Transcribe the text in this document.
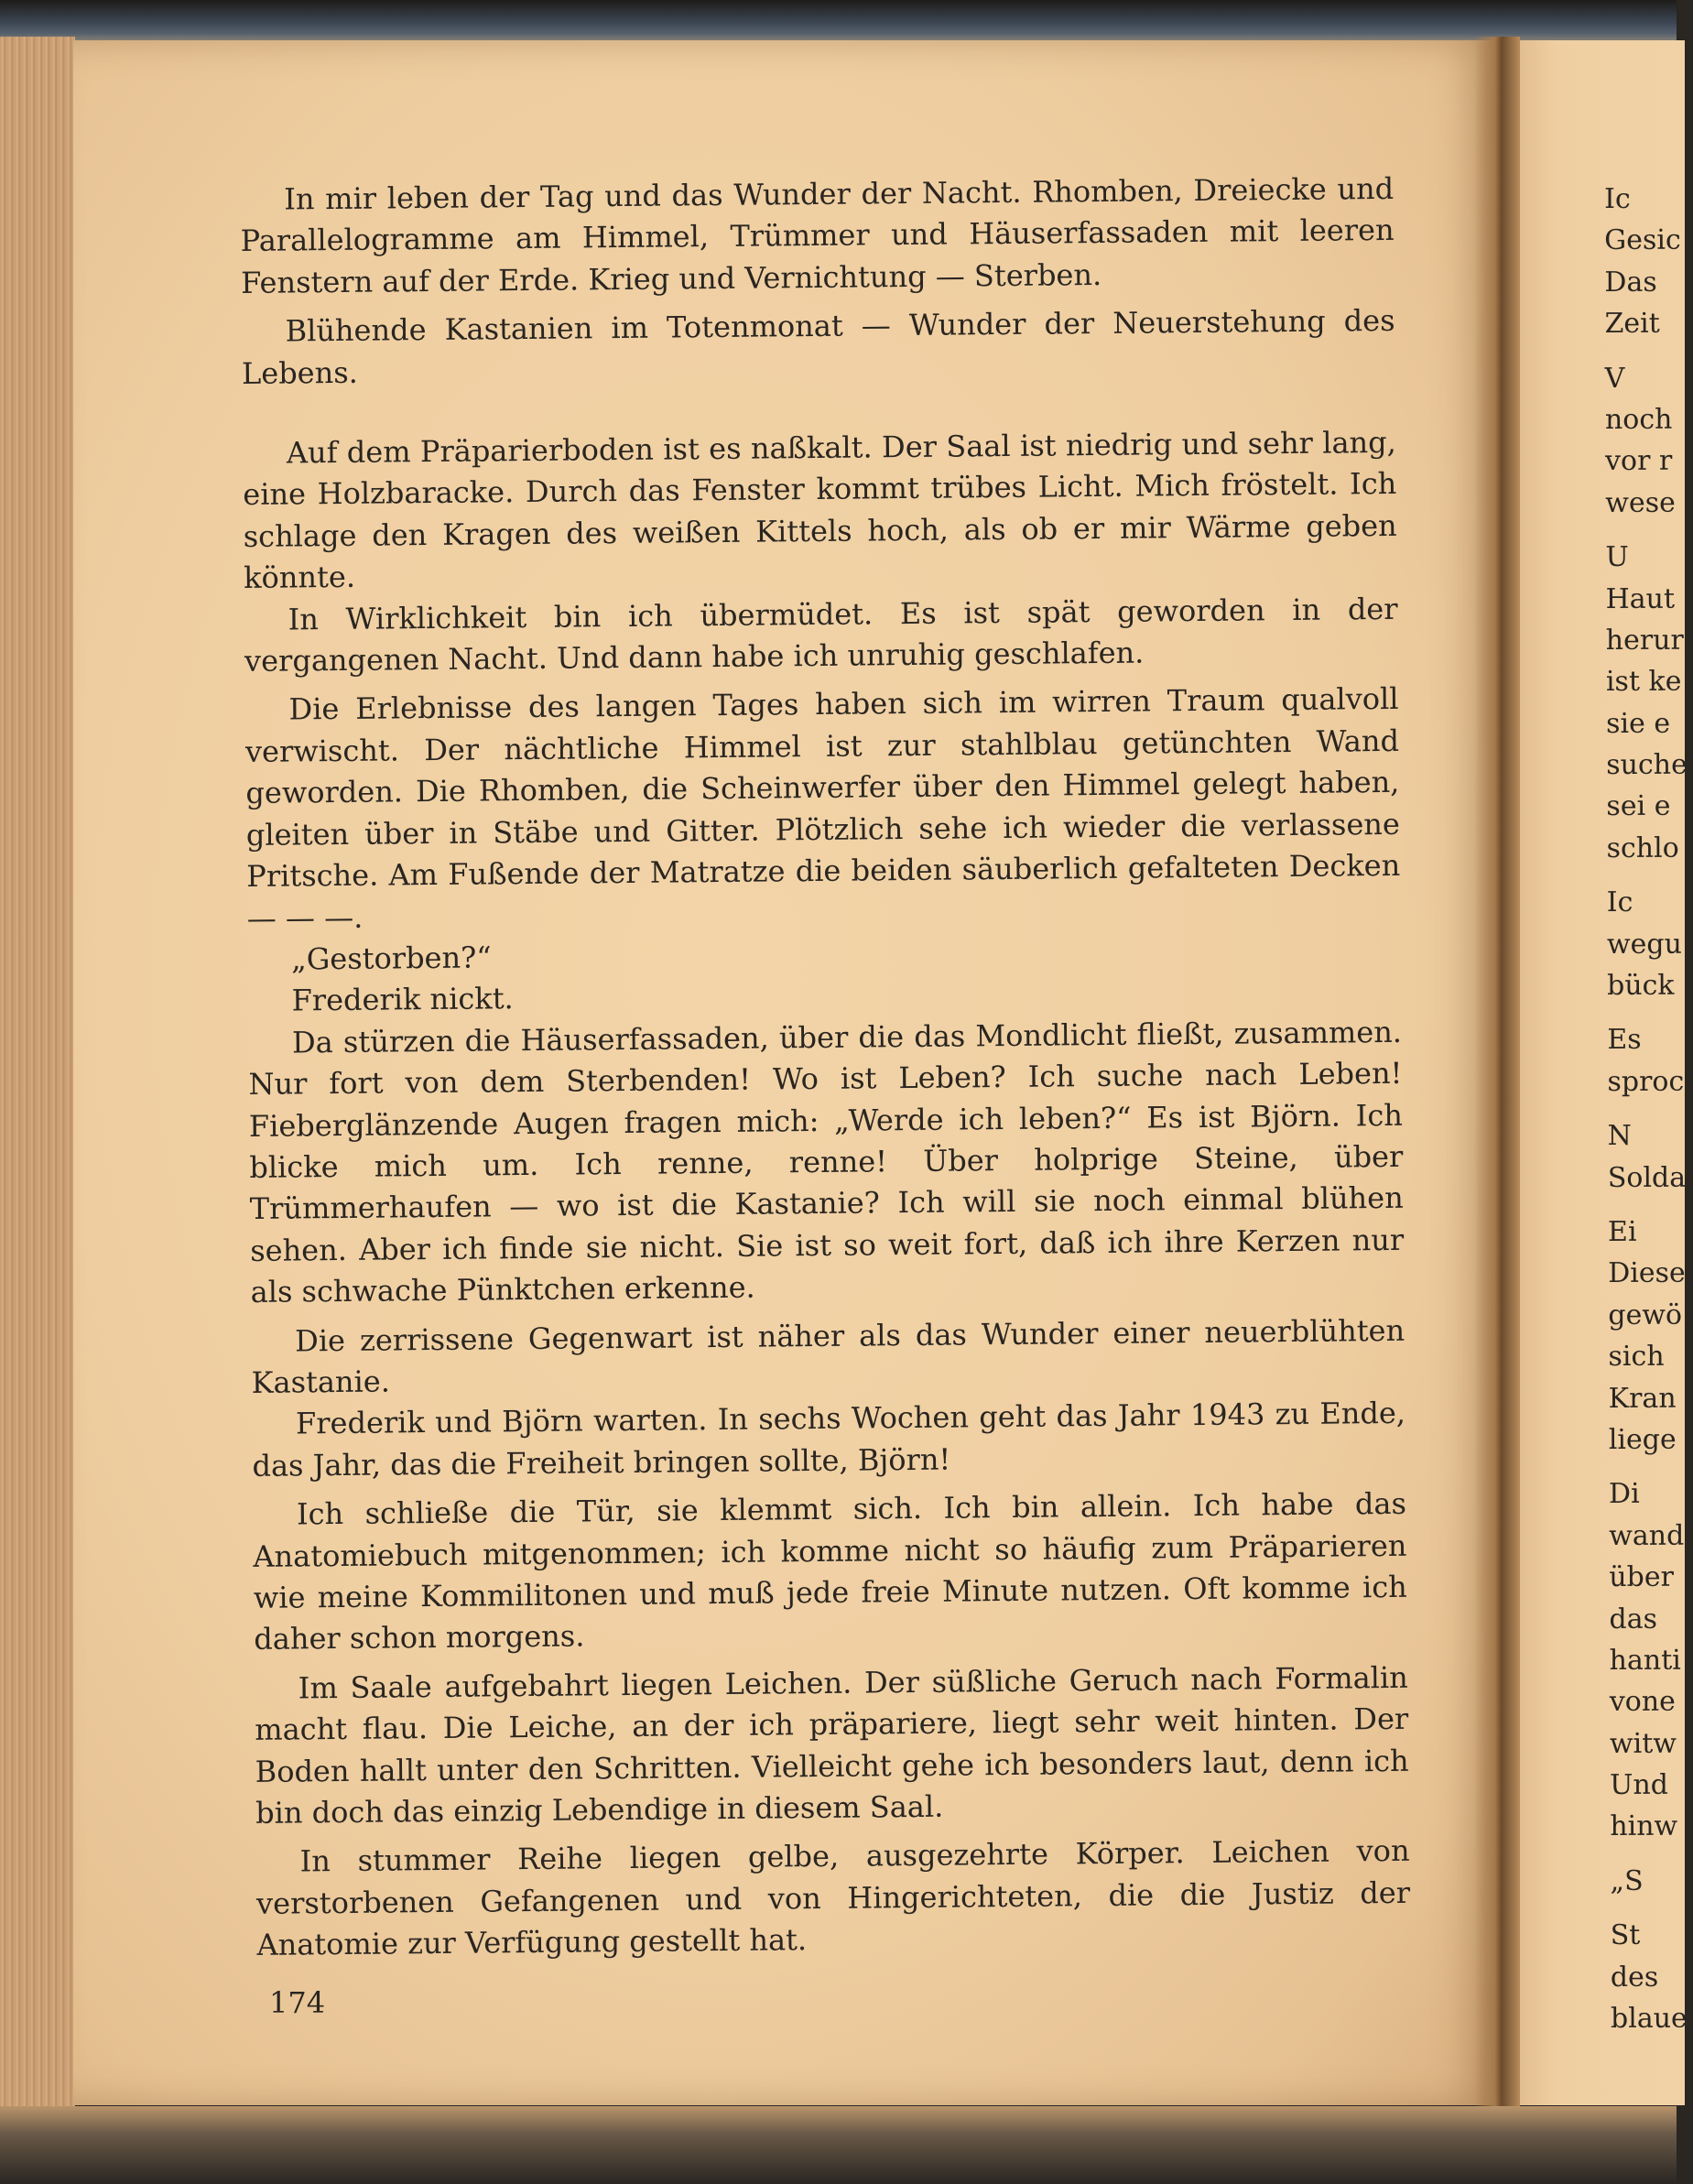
In mir leben der Tag und das Wunder der Nacht. Rhomben, Dreiecke und Parallelogramme am Himmel, Trümmer und Häuserfassaden mit leeren Fenstern auf der Erde. Krieg und Vernichtung — Sterben.

Blühende Kastanien im Totenmonat — Wunder der Neuerstehung des Lebens.

Auf dem Präparierboden ist es naßkalt. Der Saal ist niedrig und sehr lang, eine Holzbaracke. Durch das Fenster kommt trübes Licht. Mich fröstelt. Ich schlage den Kragen des weißen Kittels hoch, als ob er mir Wärme geben könnte.

In Wirklichkeit bin ich übermüdet. Es ist spät geworden in der vergangenen Nacht. Und dann habe ich unruhig geschlafen.

Die Erlebnisse des langen Tages haben sich im wirren Traum qualvoll verwischt. Der nächtliche Himmel ist zur stahlblau getünchten Wand geworden. Die Rhomben, die Scheinwerfer über den Himmel gelegt haben, gleiten über in Stäbe und Gitter. Plötzlich sehe ich wieder die verlassene Pritsche. Am Fußende der Matratze die beiden säuberlich gefalteten Decken — — —.

„Gestorben?“

Frederik nickt.

Da stürzen die Häuserfassaden, über die das Mondlicht fließt, zusammen. Nur fort von dem Sterbenden! Wo ist Leben? Ich suche nach Leben! Fieberglänzende Augen fragen mich: „Werde ich leben?“ Es ist Björn. Ich blicke mich um. Ich renne, renne! Über holprige Steine, über Trümmerhaufen — wo ist die Kastanie? Ich will sie noch einmal blühen sehen. Aber ich finde sie nicht. Sie ist so weit fort, daß ich ihre Kerzen nur als schwache Pünktchen erkenne.

Die zerrissene Gegenwart ist näher als das Wunder einer neuerblühten Kastanie.

Frederik und Björn warten. In sechs Wochen geht das Jahr 1943 zu Ende, das Jahr, das die Freiheit bringen sollte, Björn!

Ich schließe die Tür, sie klemmt sich. Ich bin allein. Ich habe das Anatomiebuch mitgenommen; ich komme nicht so häufig zum Präparieren wie meine Kommilitonen und muß jede freie Minute nutzen. Oft komme ich daher schon morgens.

Im Saale aufgebahrt liegen Leichen. Der süßliche Geruch nach Formalin macht flau. Die Leiche, an der ich präpariere, liegt sehr weit hinten. Der Boden hallt unter den Schritten. Vielleicht gehe ich besonders laut, denn ich bin doch das einzig Lebendige in diesem Saal.

In stummer Reihe liegen gelbe, ausgezehrte Körper. Leichen von verstorbenen Gefangenen und von Hingerichteten, die die Justiz der Anatomie zur Verfügung gestellt hat.

174
Ic
Gesic
Das
Zeit
V
noch
vor r
wese
U
Haut
herur
ist ke
sie e
suche
sei e
schlo
Ic
wegu
bück
Es
sproc
N
Solda
Ei
Diese
gewö
sich
Kran
liege
Di
wand
über
das
hanti
vone
witw
Und
hinw
„S
St
des
blaue
